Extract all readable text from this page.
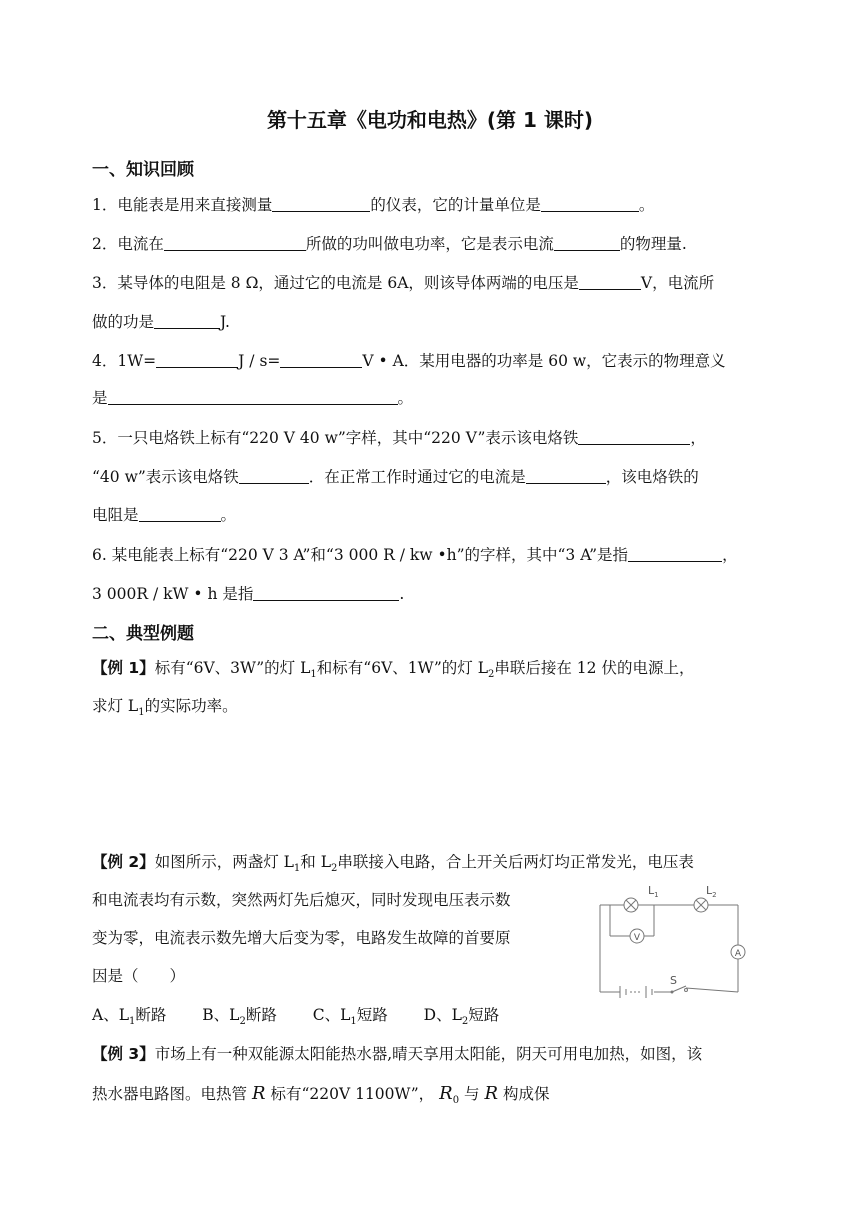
第十五章《电功和电热》(第 1 课时)
一、知识回顾
1．电能表是用来直接测量	的仪表，它的计量单位是	。
2．电流在	所做的功叫做电功率，它是表示电流	的物理量.
3．某导体的电阻是 8 Ω，通过它的电流是 6A，则该导体两端的电压是	V，电流所
做的功是	J.
4．1W=	J / s=	V • A．某用电器的功率是 60 w，它表示的物理意义
是	。
5．一只电烙铁上标有“220 V 40 w”字样，其中“220 V”表示该电烙铁	，
“40 w”表示该电烙铁	．在正常工作时通过它的电流是	，该电烙铁的
电阻是	。
6. 某电能表上标有“220 V 3 A”和“3 000 R / kw •h”的字样，其中“3 A”是指	，
3 000R / kW • h 是指	.
二、典型例题
【例 1】标有“6V、3W”的灯 $L_1$和标有“6V、1W”的灯 $L_2$串联后接在 12 伏的电源上，
求灯 $L_1$的实际功率。
【例 2】如图所示，两盏灯 $L_1$和 $L_2$串联接入电路，合上开关后两灯均正常发光，电压表
和电流表均有示数，突然两灯先后熄灭，同时发现电压表示数
变为零，电流表示数先增大后变为零，电路发生故障的首要原
因是（　　）
A、$L_1$断路 B、$L_2$断路 C、$L_1$短路 D、$L_2$短路
V
A
$L_1$	$L_2$
S
【例 3】市场上有一种双能源太阳能热水器,晴天享用太阳能，阴天可用电加热，如图，该
热水器电路图。电热管 R 标有“220V 1100W”， $R_0$ 与 R 构成保
